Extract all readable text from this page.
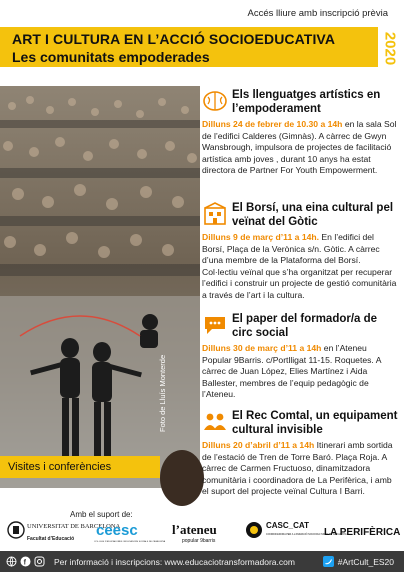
Accés lliure amb inscripció prèvia
ART I CULTURA EN L’ACCIÓ SOCIOEDUCATIVA
Les comunitats empoderades	2020
Visites i conferències
Foto de Lluís Monterde
Els llenguatges artístics en l’empoderament
Dilluns 24 de febrer de 10.30 a 14h en la sala Sol de l’edifici Calderes (Gimnàs). A càrrec de Gwyn Wansbrough, impulsora de projectes de facilitació artística amb joves , durant 10 anys ha estat directora de Partner For Youth Empowerment.
El Borsí, una eina cultural pel veïnat del Gòtic
Dilluns 9 de març d’11 a 14h. En l’edifici del Borsí, Plaça de la Verònica s/n. Gòtic. A càrrec d’una membre de la Plataforma del Borsí. Col·lectiu veïnal que s’ha organitzat per recuperar l’edifici i construir un projecte de gestió comunitària a través de l’art i la cultura.
El paper del formador/a de circ social
Dilluns 30 de març d’11 a 14h en l’Ateneu Popular 9Barris. c/Portlligat 11-15. Roquetes. A càrrec de Juan López, Elies Martínez i Aida Ballester, membres de l’equip pedagògic de l’Ateneu.
El Rec Comtal, un equipament cultural invisible
Dilluns 20 d’abril d’11 a 14h Itinerari amb sortida de l’estació de Tren de Torre Baró. Plaça Roja. A càrrec de Carmen Fructuoso, dinamitzadora comunitària i coordinadora de La Perifèrica, i amb el suport del projecte veïnal Cultura I Barri.
Amb el suport de:
UNIVERSITAT DE BARCELONA
Facultat d’Educació ceesc
COL·LEGI D’EDUCADORES I EDUCADORS SOCIALS DE CATALUNYA
l’ateneu
popular 9barris
CASC_CAT
COORDINADORA PER A L’ANIMACIÓ SOCIOCULTURAL DE CATALUNYA
LA PERIFÈRICA
f	Per informació i inscripcions: www.educaciotransformadora.com	#ArtCult_ES20
